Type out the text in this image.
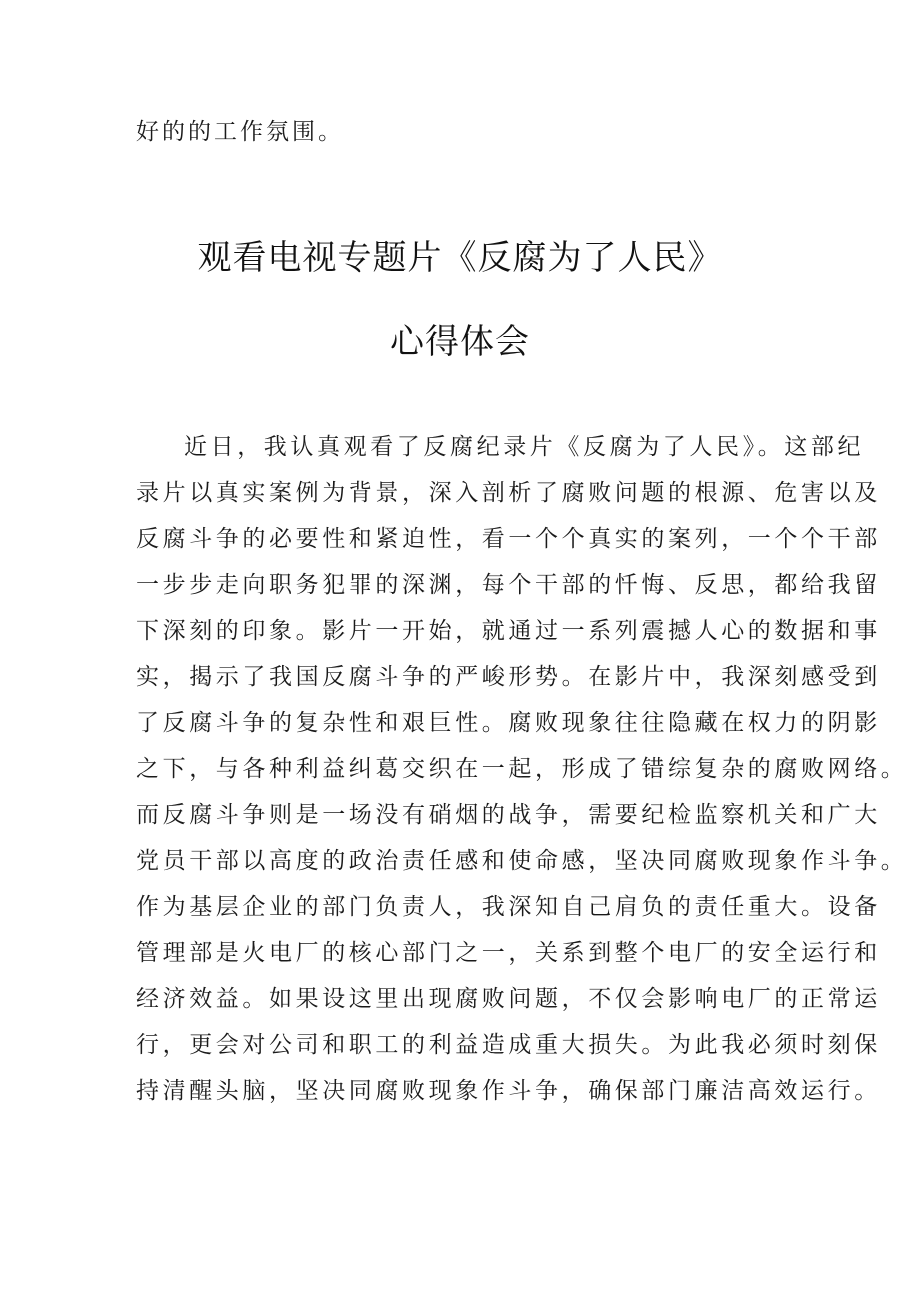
好的的工作氛围。
观看电视专题片《反腐为了人民》
心得体会
近日，我认真观看了反腐纪录片《反腐为了人民》。这部纪
录片以真实案例为背景，深入剖析了腐败问题的根源、危害以及
反腐斗争的必要性和紧迫性，看一个个真实的案列，一个个干部
一步步走向职务犯罪的深渊，每个干部的忏悔、反思，都给我留
下深刻的印象。影片一开始，就通过一系列震撼人心的数据和事
实，揭示了我国反腐斗争的严峻形势。在影片中，我深刻感受到
了反腐斗争的复杂性和艰巨性。腐败现象往往隐藏在权力的阴影
之下，与各种利益纠葛交织在一起，形成了错综复杂的腐败网络。
而反腐斗争则是一场没有硝烟的战争，需要纪检监察机关和广大
党员干部以高度的政治责任感和使命感，坚决同腐败现象作斗争。
作为基层企业的部门负责人，我深知自己肩负的责任重大。设备
管理部是火电厂的核心部门之一，关系到整个电厂的安全运行和
经济效益。如果设这里出现腐败问题，不仅会影响电厂的正常运
行，更会对公司和职工的利益造成重大损失。为此我必须时刻保
持清醒头脑，坚决同腐败现象作斗争，确保部门廉洁高效运行。
